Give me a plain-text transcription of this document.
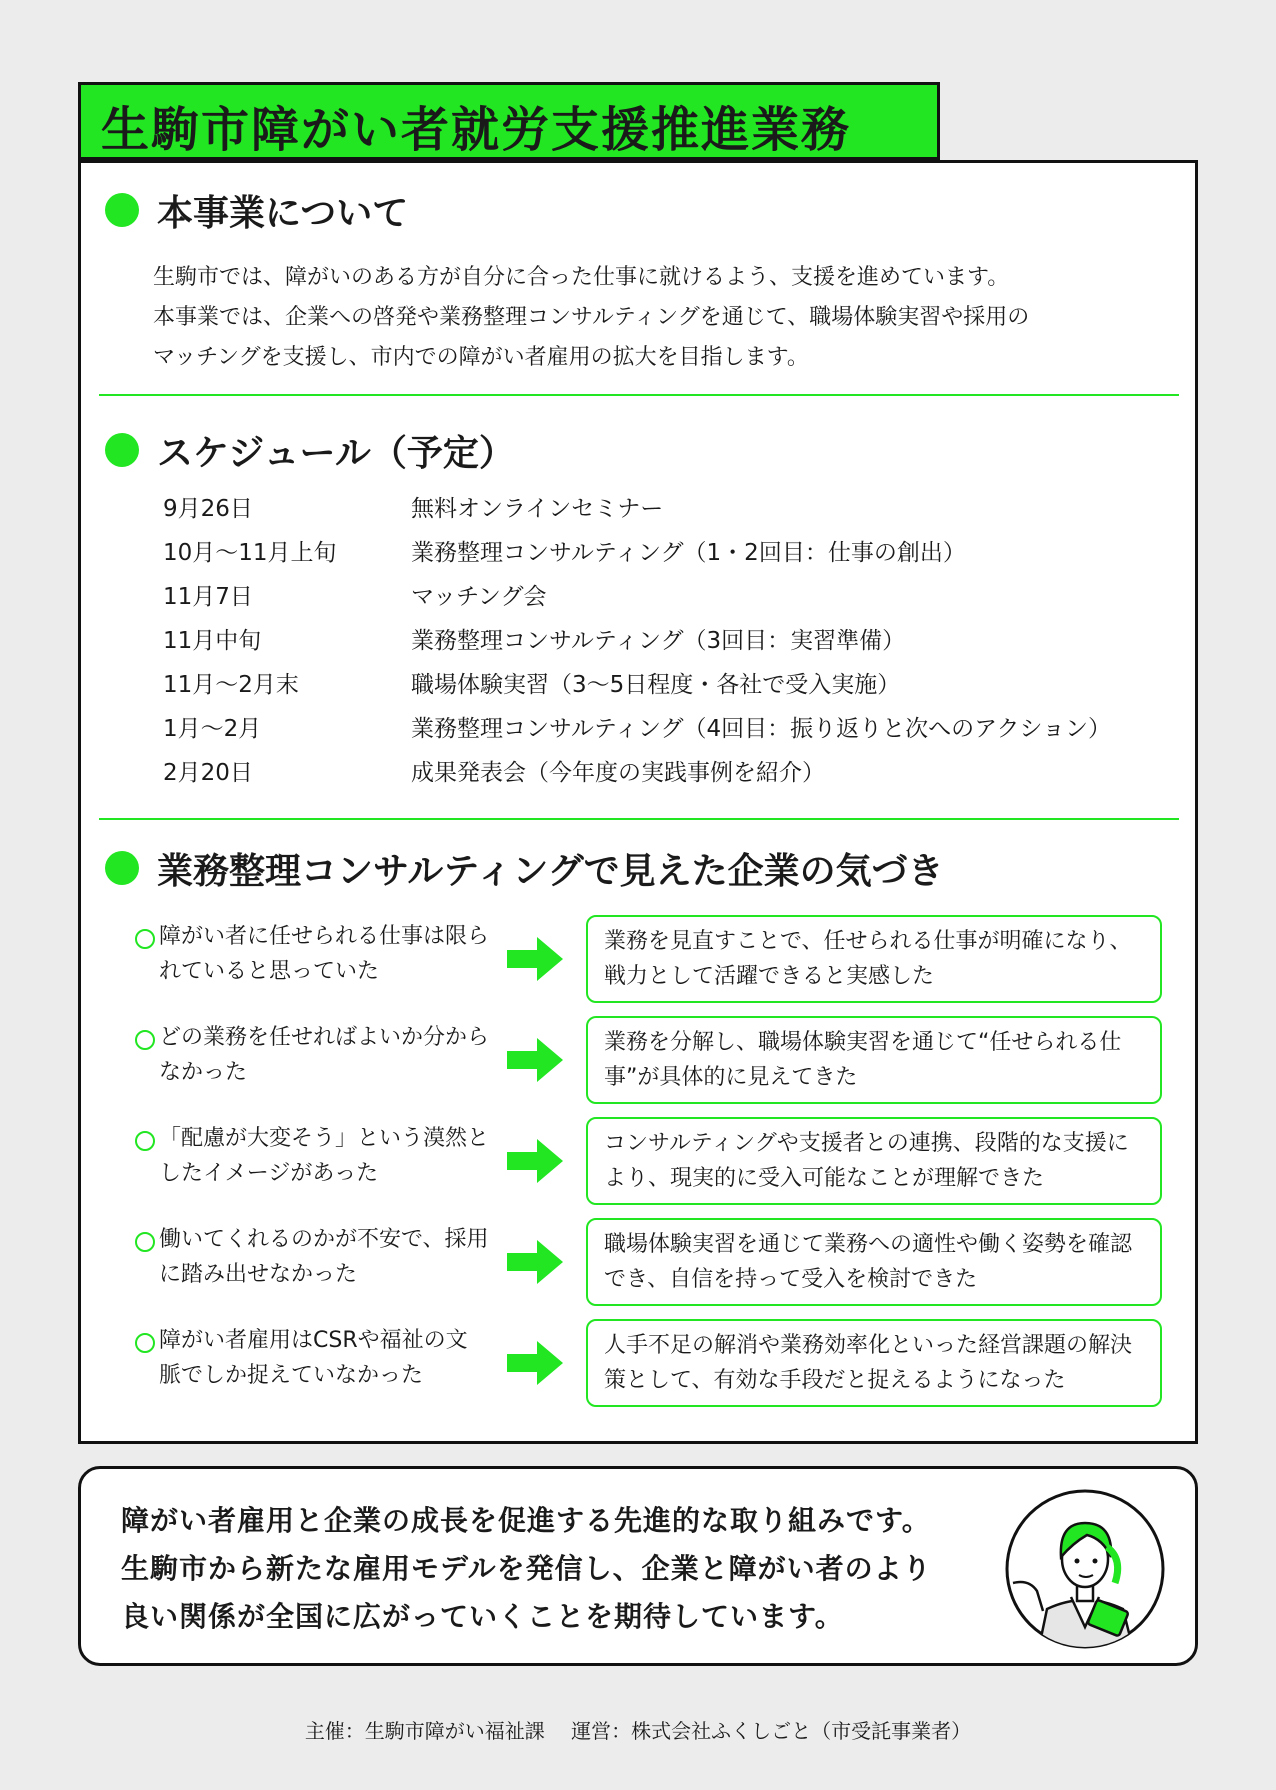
生駒市障がい者就労支援推進業務
本事業について
生駒市では、障がいのある方が自分に合った仕事に就けるよう、支援を進めています。
本事業では、企業への啓発や業務整理コンサルティングを通じて、職場体験実習や採用の
マッチングを支援し、市内での障がい者雇用の拡大を目指します。
スケジュール（予定）
9月26日	無料オンラインセミナー
10月～11月上旬	業務整理コンサルティング（1・2回目：仕事の創出）
11月7日	マッチング会
11月中旬	業務整理コンサルティング（3回目：実習準備）
11月～2月末	職場体験実習（3～5日程度・各社で受入実施）
1月～2月	業務整理コンサルティング（4回目：振り返りと次へのアクション）
2月20日	成果発表会（今年度の実践事例を紹介）
業務整理コンサルティングで見えた企業の気づき
障がい者に任せられる仕事は限られていると思っていた
業務を見直すことで、任せられる仕事が明確になり、戦力として活躍できると実感した
どの業務を任せればよいか分からなかった
業務を分解し、職場体験実習を通じて“任せられる仕事”が具体的に見えてきた
「配慮が大変そう」という漠然としたイメージがあった
コンサルティングや支援者との連携、段階的な支援により、現実的に受入可能なことが理解できた
働いてくれるのかが不安で、採用に踏み出せなかった
職場体験実習を通じて業務への適性や働く姿勢を確認でき、自信を持って受入を検討できた
障がい者雇用はCSRや福祉の文脈でしか捉えていなかった
人手不足の解消や業務効率化といった経営課題の解決策として、有効な手段だと捉えるようになった
障がい者雇用と企業の成長を促進する先進的な取り組みです。
生駒市から新たな雇用モデルを発信し、企業と障がい者のより
良い関係が全国に広がっていくことを期待しています。
主催：生駒市障がい福祉課　 運営：株式会社ふくしごと（市受託事業者）
